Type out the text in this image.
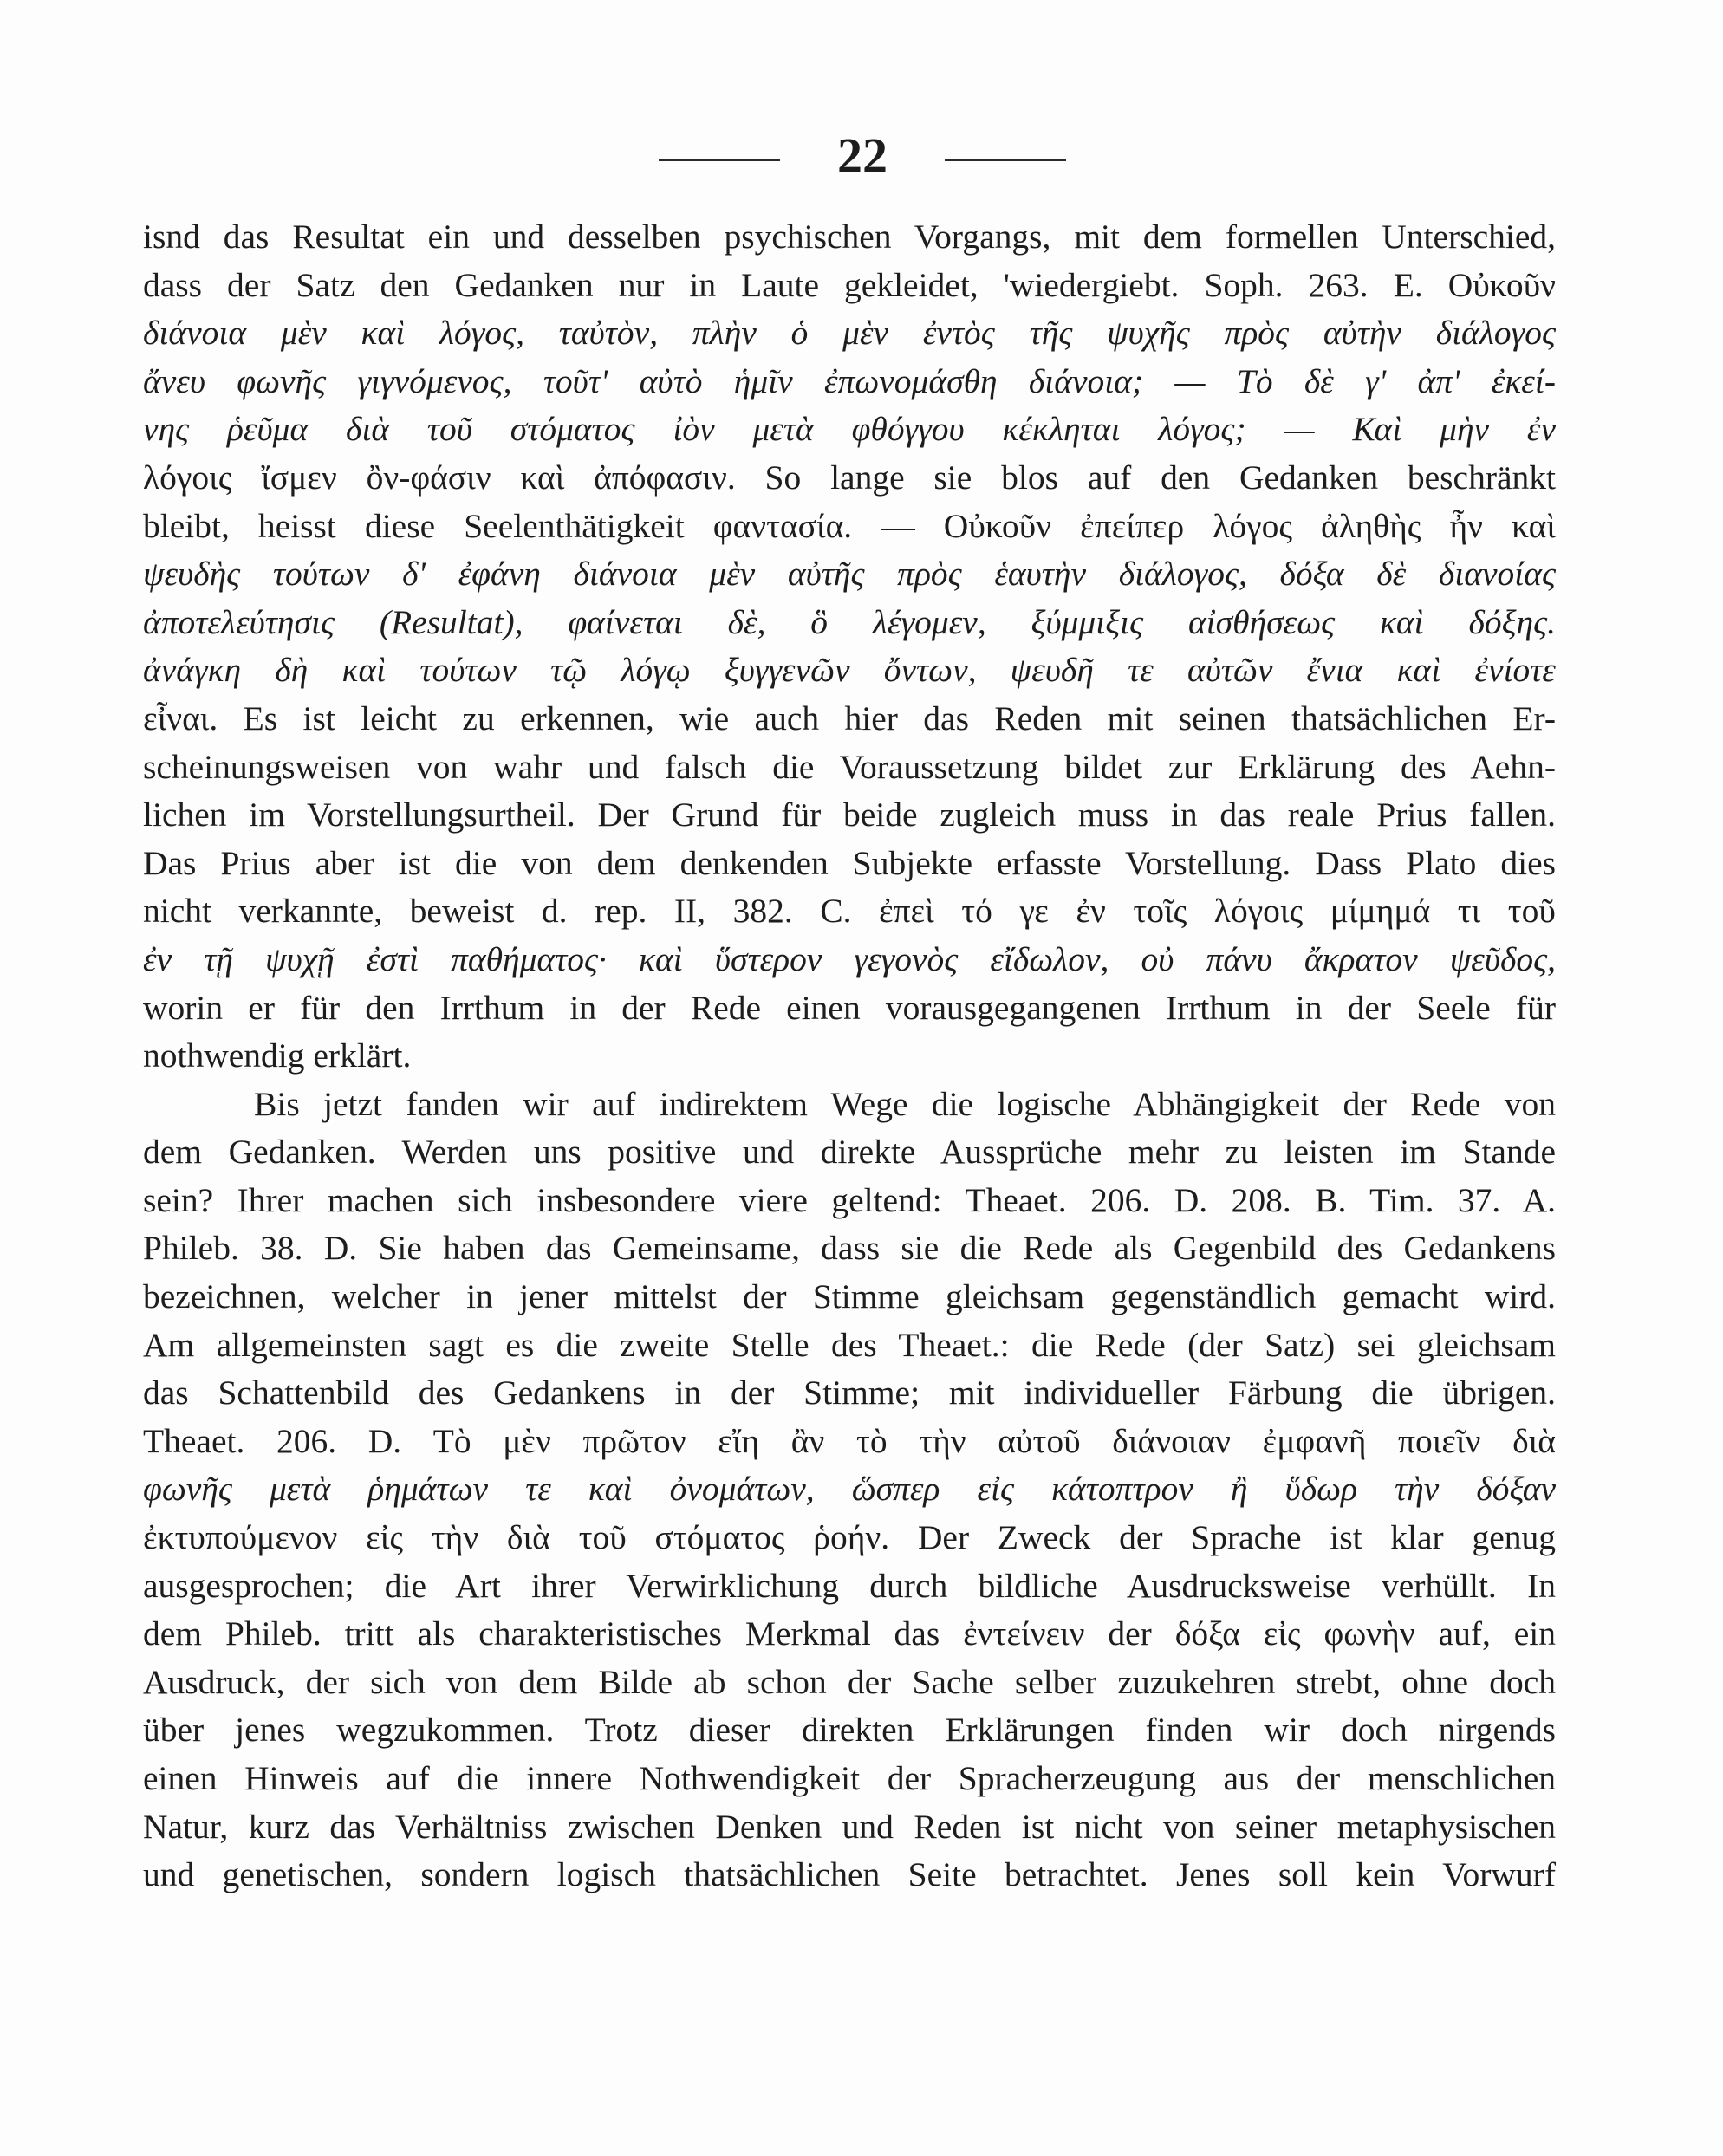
22

isnd das Resultat ein und desselben psychischen Vorgangs, mit dem formellen Unterschied,
dass der Satz den Gedanken nur in Laute gekleidet, 'wiedergiebt. Soph. 263. E. Οὐκοῦν
διάνοια μὲν καὶ λόγος, ταὐτὸν, πλὴν ὁ μὲν ἐντὸς τῆς ψυχῆς πρὸς αὐτὴν διάλογος
ἄνευ φωνῆς γιγνόμενος, τοῦτ' αὐτὸ ἡμῖν ἐπωνομάσθη διάνοια; — Τὸ δὲ γ' ἀπ' ἐκεί-
νης ῥεῦμα διὰ τοῦ στόματος ἰὸν μετὰ φθόγγου κέκληται λόγος; — Καὶ μὴν ἐν
λόγοις ἴσμεν ὂν-φάσιν καὶ ἀπόφασιν. So lange sie blos auf den Gedanken beschränkt
bleibt, heisst diese Seelenthätigkeit φαντασία. — Οὐκοῦν ἐπείπερ λόγος ἀληθὴς ἦν καὶ
ψευδὴς τούτων δ' ἐφάνη διάνοια μὲν αὐτῆς πρὸς ἑαυτὴν διάλογος, δόξα δὲ διανοίας
ἀποτελεύτησις (Resultat), φαίνεται δὲ, ὃ λέγομεν, ξύμμιξις αἰσθήσεως καὶ δόξης.
ἀνάγκη δὴ καὶ τούτων τῷ λόγῳ ξυγγενῶν ὄντων, ψευδῆ τε αὐτῶν ἔνια καὶ ἐνίοτε
εἶναι. Es ist leicht zu erkennen, wie auch hier das Reden mit seinen thatsächlichen Er-
scheinungsweisen von wahr und falsch die Voraussetzung bildet zur Erklärung des Aehn-
lichen im Vorstellungsurtheil. Der Grund für beide zugleich muss in das reale Prius fallen.
Das Prius aber ist die von dem denkenden Subjekte erfasste Vorstellung. Dass Plato dies
nicht verkannte, beweist d. rep. II, 382. C. ἐπεὶ τό γε ἐν τοῖς λόγοις μίμημά τι τοῦ
ἐν τῇ ψυχῇ ἐστὶ παθήματος· καὶ ὕστερον γεγονὸς εἴδωλον, οὐ πάνυ ἄκρατον ψεῦδος,
worin er für den Irrthum in der Rede einen vorausgegangenen Irrthum in der Seele für
nothwendig erklärt.

Bis jetzt fanden wir auf indirektem Wege die logische Abhängigkeit der Rede von
dem Gedanken. Werden uns positive und direkte Aussprüche mehr zu leisten im Stande
sein? Ihrer machen sich insbesondere viere geltend: Theaet. 206. D. 208. B. Tim. 37. A.
Phileb. 38. D. Sie haben das Gemeinsame, dass sie die Rede als Gegenbild des Gedankens
bezeichnen, welcher in jener mittelst der Stimme gleichsam gegenständlich gemacht wird.
Am allgemeinsten sagt es die zweite Stelle des Theaet.: die Rede (der Satz) sei gleichsam
das Schattenbild des Gedankens in der Stimme; mit individueller Färbung die übrigen.
Theaet. 206. D. Τὸ μὲν πρῶτον εἴη ἂν τὸ τὴν αὐτοῦ διάνοιαν ἐμφανῆ ποιεῖν διὰ
φωνῆς μετὰ ῥημάτων τε καὶ ὀνομάτων, ὥσπερ εἰς κάτοπτρον ἢ ὕδωρ τὴν δόξαν
ἐκτυπούμενον εἰς τὴν διὰ τοῦ στόματος ῥοήν. Der Zweck der Sprache ist klar genug
ausgesprochen; die Art ihrer Verwirklichung durch bildliche Ausdrucksweise verhüllt. In
dem Phileb. tritt als charakteristisches Merkmal das ἐντείνειν der δόξα εἰς φωνὴν auf, ein
Ausdruck, der sich von dem Bilde ab schon der Sache selber zuzukehren strebt, ohne doch
über jenes wegzukommen. Trotz dieser direkten Erklärungen finden wir doch nirgends
einen Hinweis auf die innere Nothwendigkeit der Spracherzeugung aus der menschlichen
Natur, kurz das Verhältniss zwischen Denken und Reden ist nicht von seiner metaphysischen
und genetischen, sondern logisch thatsächlichen Seite betrachtet. Jenes soll kein Vorwurf
